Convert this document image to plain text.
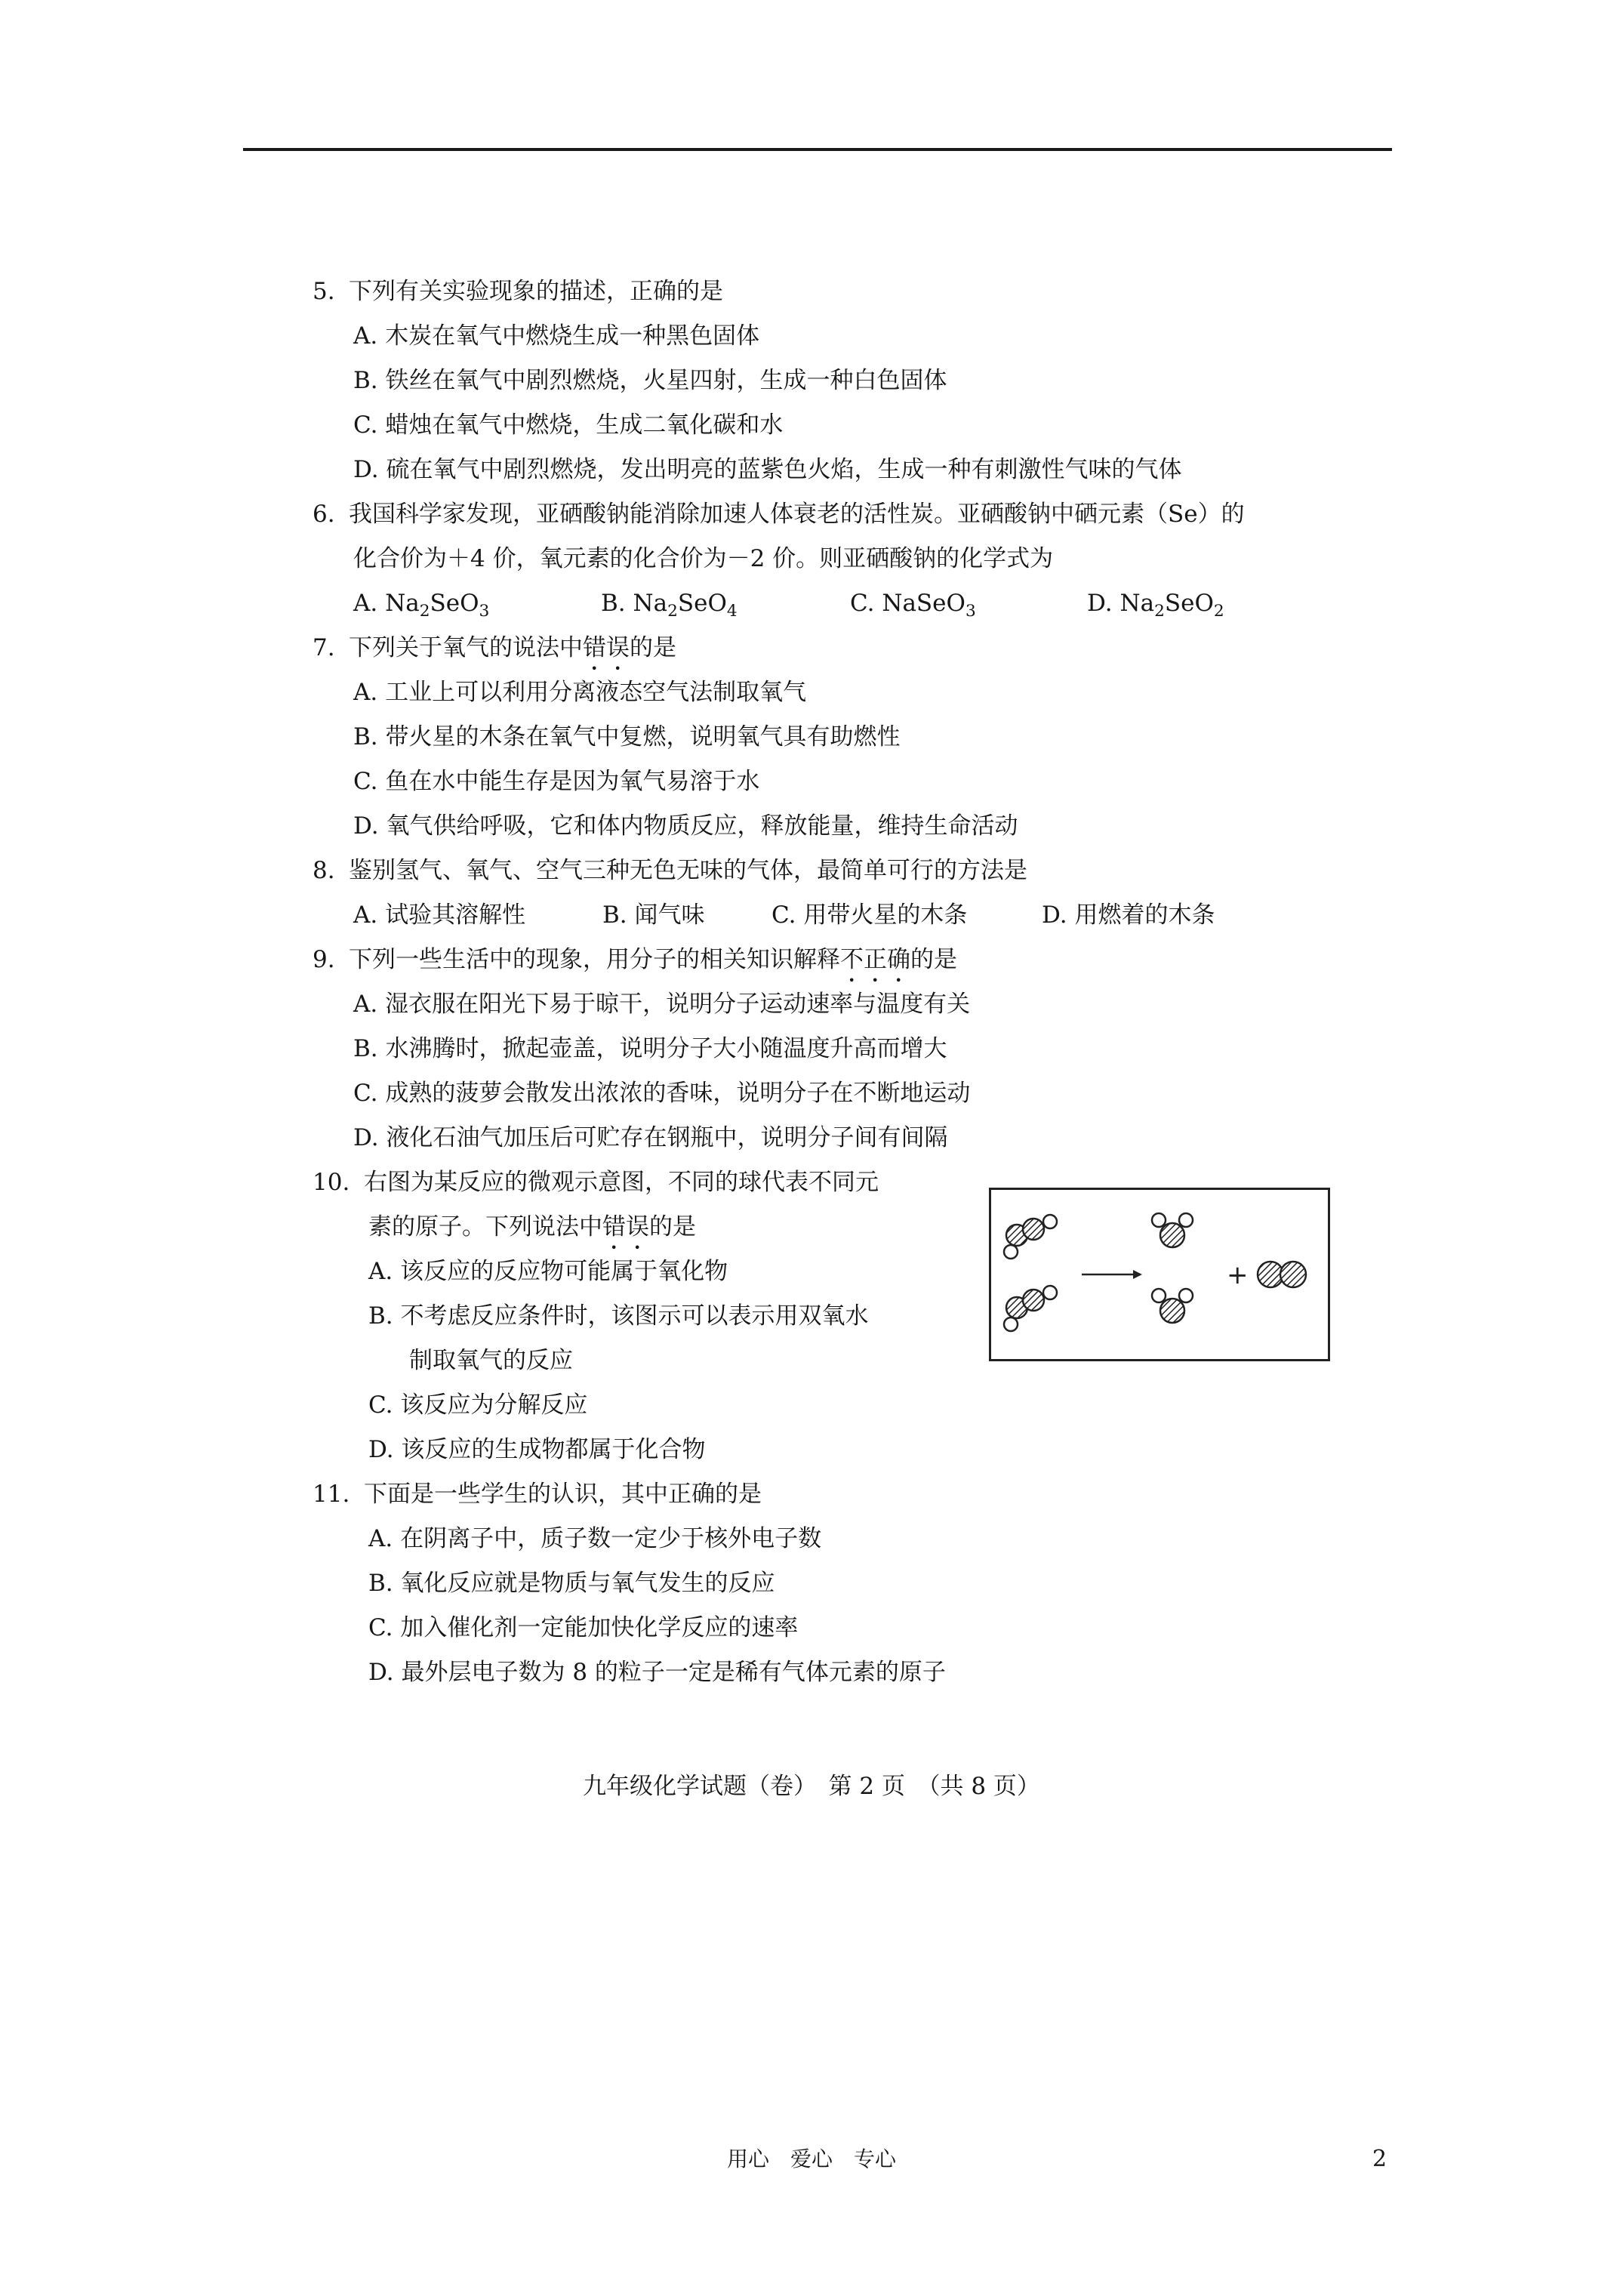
5. 下列有关实验现象的描述，正确的是
A. 木炭在氧气中燃烧生成一种黑色固体
B. 铁丝在氧气中剧烈燃烧，火星四射，生成一种白色固体
C. 蜡烛在氧气中燃烧，生成二氧化碳和水
D. 硫在氧气中剧烈燃烧，发出明亮的蓝紫色火焰，生成一种有刺激性气味的气体
6. 我国科学家发现，亚硒酸钠能消除加速人体衰老的活性炭。亚硒酸钠中硒元素（Se）的
化合价为＋4 价，氧元素的化合价为－2 价。则亚硒酸钠的化学式为
A. $Na_2SeO_3$	B. $Na_2SeO_4$	C. NaSeO$_3$	D. $Na_2SeO_2$
7. 下列关于氧气的说法中错误的是
A. 工业上可以利用分离液态空气法制取氧气
B. 带火星的木条在氧气中复燃，说明氧气具有助燃性
C. 鱼在水中能生存是因为氧气易溶于水
D. 氧气供给呼吸，它和体内物质反应，释放能量，维持生命活动
8. 鉴别氢气、氧气、空气三种无色无味的气体，最简单可行的方法是
A. 试验其溶解性	B. 闻气味	C. 用带火星的木条	D. 用燃着的木条
9. 下列一些生活中的现象，用分子的相关知识解释不正确的是
A. 湿衣服在阳光下易于晾干，说明分子运动速率与温度有关
B. 水沸腾时，掀起壶盖，说明分子大小随温度升高而增大
C. 成熟的菠萝会散发出浓浓的香味，说明分子在不断地运动
D. 液化石油气加压后可贮存在钢瓶中，说明分子间有间隔
10. 右图为某反应的微观示意图，不同的球代表不同元
素的原子。下列说法中错误的是
A. 该反应的反应物可能属于氧化物
B. 不考虑反应条件时，该图示可以表示用双氧水
制取氧气的反应
C. 该反应为分解反应
D. 该反应的生成物都属于化合物
+
11. 下面是一些学生的认识，其中正确的是
A. 在阴离子中，质子数一定少于核外电子数
B. 氧化反应就是物质与氧气发生的反应
C. 加入催化剂一定能加快化学反应的速率
D. 最外层电子数为 8 的粒子一定是稀有气体元素的原子
九年级化学试题（卷）　第 2 页　（共 8 页）
用心　爱心　专心	2
